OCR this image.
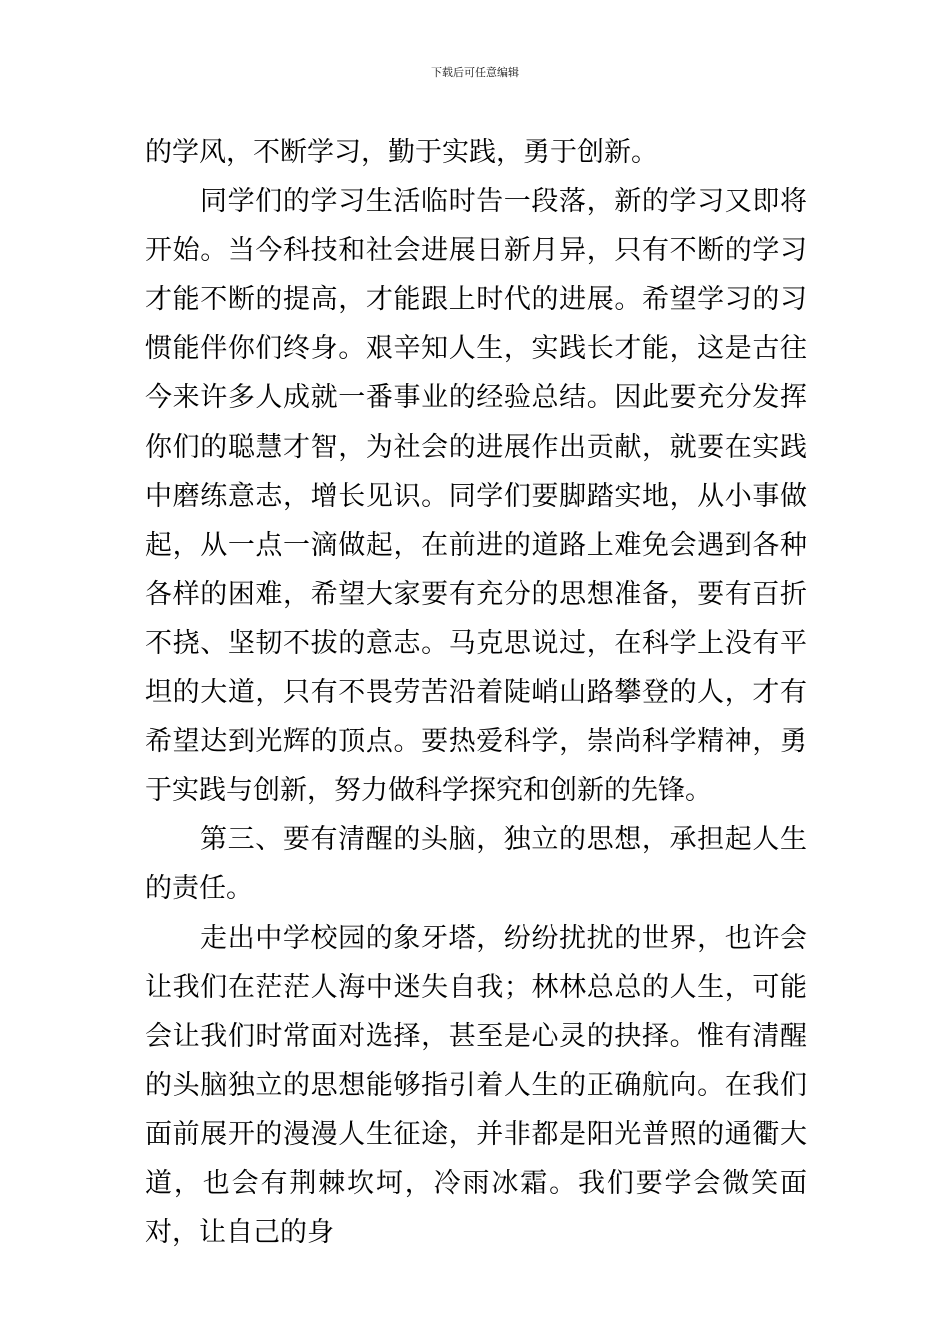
下载后可任意编辑

的学风，不断学习，勤于实践，勇于创新。

同学们的学习生活临时告一段落，新的学习又即将开始。当今科技和社会进展日新月异，只有不断的学习才能不断的提高，才能跟上时代的进展。希望学习的习惯能伴你们终身。艰辛知人生，实践长才能，这是古往今来许多人成就一番事业的经验总结。因此要充分发挥你们的聪慧才智，为社会的进展作出贡献，就要在实践中磨练意志，增长见识。同学们要脚踏实地，从小事做起，从一点一滴做起，在前进的道路上难免会遇到各种各样的困难，希望大家要有充分的思想准备，要有百折不挠、坚韧不拔的意志。马克思说过，在科学上没有平坦的大道，只有不畏劳苦沿着陡峭山路攀登的人，才有希望达到光辉的顶点。要热爱科学，崇尚科学精神，勇于实践与创新，努力做科学探究和创新的先锋。

第三、要有清醒的头脑，独立的思想，承担起人生的责任。

走出中学校园的象牙塔，纷纷扰扰的世界，也许会让我们在茫茫人海中迷失自我；林林总总的人生，可能会让我们时常面对选择，甚至是心灵的抉择。惟有清醒的头脑独立的思想能够指引着人生的正确航向。在我们面前展开的漫漫人生征途，并非都是阳光普照的通衢大道，也会有荆棘坎坷，冷雨冰霜。我们要学会微笑面对，让自己的身
